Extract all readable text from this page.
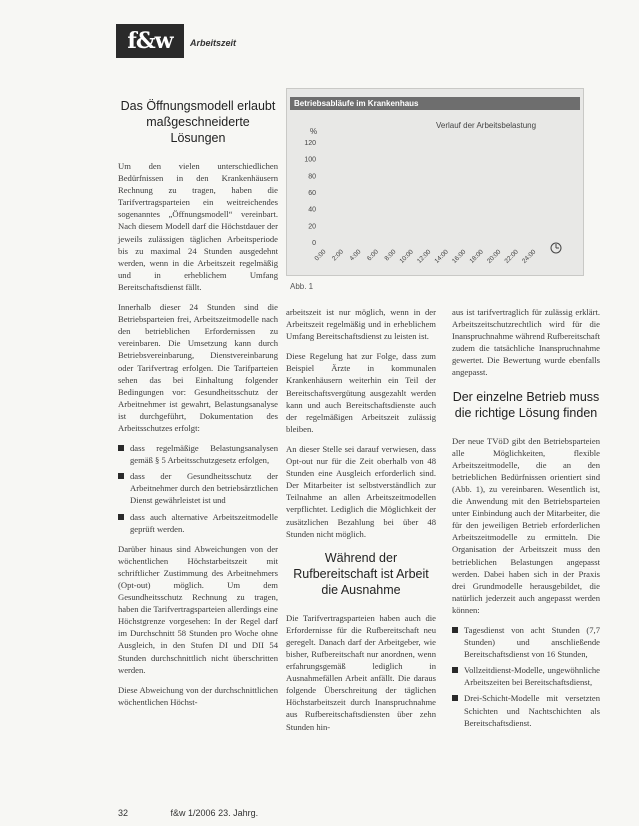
f&w	Arbeitszeit
Das Öffnungsmodell erlaubt maßgeschneiderte Lösungen

Um den vielen unterschiedlichen Bedürfnissen in den Krankenhäusern Rechnung zu tragen, haben die Tarifvertragsparteien ein weitreichendes sogenanntes „Öffnungsmodell“ vereinbart. Nach diesem Modell darf die Höchstdauer der jeweils zulässigen täglichen Arbeitsperiode bis zu maximal 24 Stunden ausgedehnt werden, wenn in die Arbeitszeit regelmäßig und in erheblichem Umfang Bereitschaftsdienst fällt.

Innerhalb dieser 24 Stunden sind die Betriebsparteien frei, Arbeitszeitmodelle nach den betrieblichen Erfordernissen zu vereinbaren. Die Umsetzung kann durch Betriebsvereinbarung, Dienstvereinbarung oder Tarifvertrag erfolgen. Die Tarifparteien sehen das bei Einhaltung folgender Bedingungen vor: Gesundheitsschutz der Arbeitnehmer ist gewahrt, Belastungsanalyse ist durchgeführt, Dokumentation des Arbeitsschutzes erfolgt:

dass regelmäßige Belastungsanalysen gemäß § 5 Arbeitsschutzgesetz erfolgen,
dass der Gesundheitsschutz der Arbeitnehmer durch den betriebsärztlichen Dienst gewährleistet ist und
dass auch alternative Arbeitszeitmodelle geprüft werden.

Darüber hinaus sind Abweichungen von der wöchentlichen Höchstarbeitszeit mit schriftlicher Zustimmung des Arbeitnehmers (Opt-out) möglich. Um dem Gesundheitsschutz Rechnung zu tragen, haben die Tarifvertragsparteien allerdings eine Höchstgrenze vorgesehen: In der Regel darf im Durchschnitt 58 Stunden pro Woche ohne Ausgleich, in den Stufen DI und DII 54 Stunden durchschnittlich nicht überschritten werden.

Diese Abweichung von der durchschnittlichen wöchentlichen Höchst-

Betriebsabläufe im Krankenhaus
Verlauf der Arbeitsbelastung
%
0
20
40
60
80
100
120
0:00 2:00 4:00 6:00 8:00 10:00 12:00 14:00 16:00 18:00 20:00 22:00 24:00
Abb. 1

arbeitszeit ist nur möglich, wenn in der Arbeitszeit regelmäßig und in erheblichem Umfang Bereitschaftsdienst zu leisten ist.

Diese Regelung hat zur Folge, dass zum Beispiel Ärzte in kommunalen Krankenhäusern weiterhin ein Teil der Bereitschaftsvergütung ausgezahlt werden kann und auch Bereitschaftsdienste auch der regelmäßigen Arbeitszeit zulässig bleiben.

An dieser Stelle sei darauf verwiesen, dass Opt-out nur für die Zeit oberhalb von 48 Stunden eine Ausgleich erforderlich sind. Der Mitarbeiter ist selbstverständlich zur Teilnahme an allen Arbeitszeitmodellen verpflichtet. Lediglich die Möglichkeit der zusätzlichen Bezahlung bei über 48 Stunden nicht möglich.

Während der Rufbereitschaft ist Arbeit die Ausnahme

Die Tarifvertragsparteien haben auch die Erfordernisse für die Rufbereitschaft neu geregelt. Danach darf der Arbeitgeber, wie bisher, Rufbereitschaft nur anordnen, wenn erfahrungsgemäß lediglich in Ausnahmefällen Arbeit anfällt. Die daraus folgende Überschreitung der täglichen Höchstarbeitszeit durch Inanspruchnahme aus Rufbereitschaftsdiensten über zehn Stunden hin-

aus ist tarifvertraglich für zulässig erklärt. Arbeitszeitschutzrechtlich wird für die Inanspruchnahme während Rufbereitschaft zudem die tatsächliche Inanspruchnahme gewertet. Die Bewertung wurde ebenfalls angepasst.

Der einzelne Betrieb muss die richtige Lösung finden

Der neue TVöD gibt den Betriebsparteien alle Möglichkeiten, flexible Arbeitszeitmodelle, die an den betrieblichen Bedürfnissen orientiert sind (Abb. 1), zu vereinbaren. Wesentlich ist, die Anwendung mit den Betriebsparteien unter Einbindung auch der Mitarbeiter, die für den jeweiligen Betrieb erforderlichen Arbeitszeitmodelle zu ermitteln. Die Organisation der Arbeitszeit muss den betrieblichen Belastungen angepasst werden. Dabei haben sich in der Praxis drei Grundmodelle herausgebildet, die natürlich jederzeit auch angepasst werden können:

Tagesdienst von acht Stunden (7,7 Stunden) und anschließende Bereitschaftsdienst von 16 Stunden,
Vollzeitdienst-Modelle, ungewöhnliche Arbeitszeiten bei Bereitschaftsdienst,
Drei-Schicht-Modelle mit versetzten Schichten und Nachtschichten als Bereitschaftsdienst.
32	f&w 1/2006 23. Jahrg.
